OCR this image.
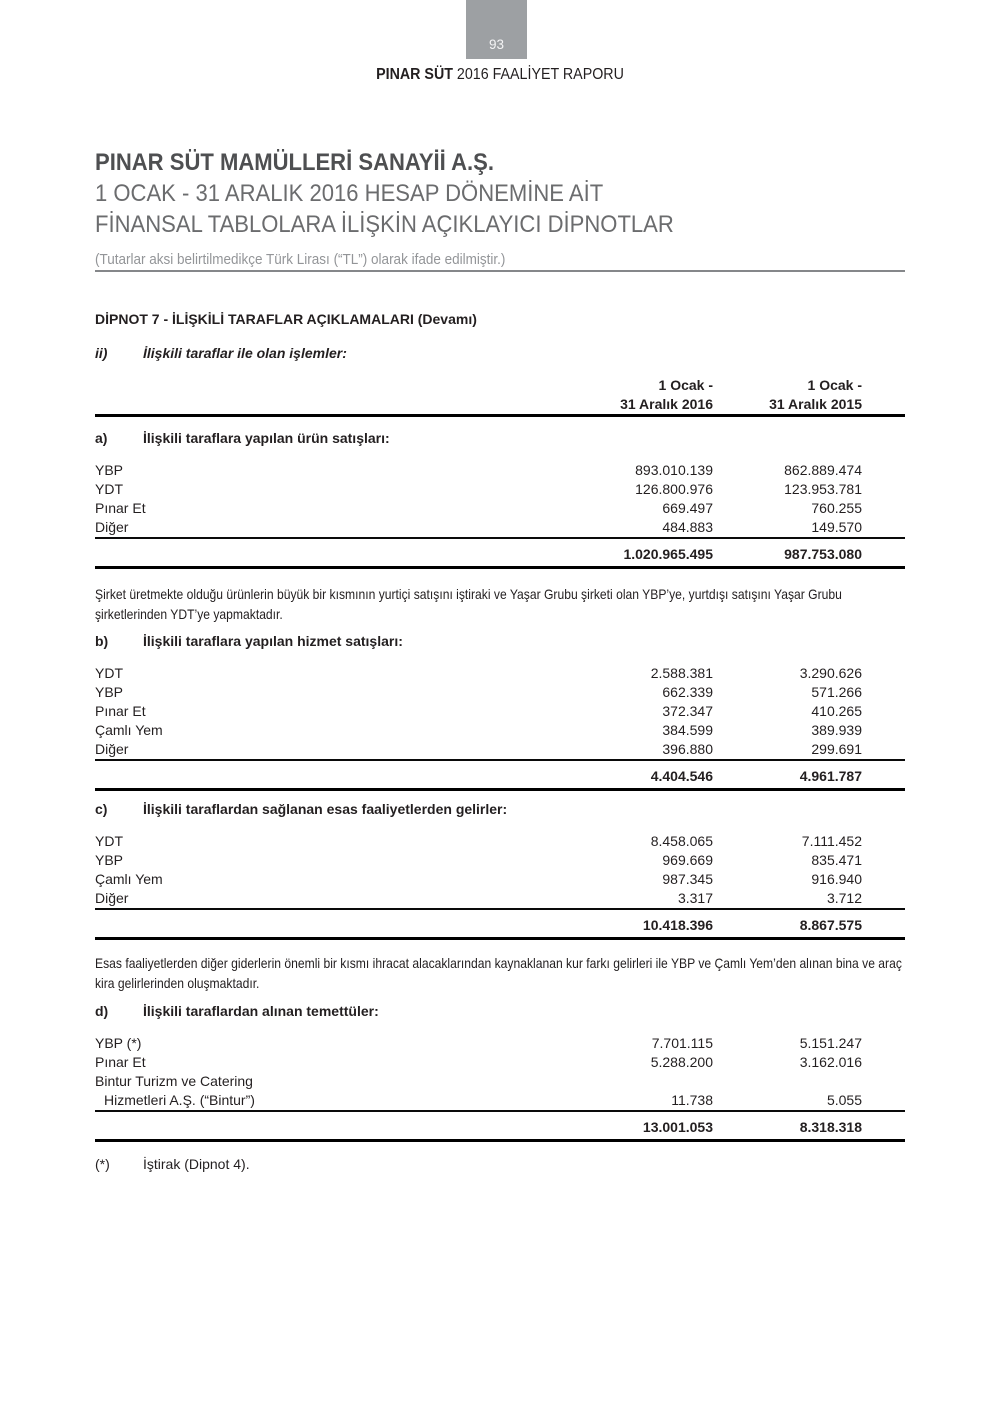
93
PINAR SÜT 2016 FAALİYET RAPORU
PINAR SÜT MAMÜLLERİ SANAYİİ A.Ş.
1 OCAK - 31 ARALIK 2016 HESAP DÖNEMİNE AİT
FİNANSAL TABLOLARA İLİŞKİN AÇIKLAYICI DİPNOTLAR
(Tutarlar aksi belirtilmedikçe Türk Lirası (“TL”) olarak ifade edilmiştir.)
DİPNOT 7 - İLİŞKİLİ TARAFLAR AÇIKLAMALARI (Devamı)
ii)	İlişkili taraflar ile olan işlemler:
1 Ocak -
31 Aralık 2016
1 Ocak -
31 Aralık 2015
a)	İlişkili taraflara yapılan ürün satışları:
YBP	893.010.139	862.889.474
YDT	126.800.976	123.953.781
Pınar Et	669.497	760.255
Diğer	484.883	149.570
1.020.965.495	987.753.080
Şirket üretmekte olduğu ürünlerin büyük bir kısmının yurtiçi satışını iştiraki ve Yaşar Grubu şirketi olan YBP’ye, yurtdışı satışını Yaşar Grubu şirketlerinden YDT’ye yapmaktadır.
b)	İlişkili taraflara yapılan hizmet satışları:
YDT	2.588.381	3.290.626
YBP	662.339	571.266
Pınar Et	372.347	410.265
Çamlı Yem	384.599	389.939
Diğer	396.880	299.691
4.404.546	4.961.787
c)	İlişkili taraflardan sağlanan esas faaliyetlerden gelirler:
YDT	8.458.065	7.111.452
YBP	969.669	835.471
Çamlı Yem	987.345	916.940
Diğer	3.317	3.712
10.418.396	8.867.575
Esas faaliyetlerden diğer giderlerin önemli bir kısmı ihracat alacaklarından kaynaklanan kur farkı gelirleri ile YBP ve Çamlı Yem’den alınan bina ve araç kira gelirlerinden oluşmaktadır.
d)	İlişkili taraflardan alınan temettüler:
YBP (*)	7.701.115	5.151.247
Pınar Et	5.288.200	3.162.016
Bintur Turizm ve Catering
Hizmetleri A.Ş. (“Bintur”)	11.738	5.055
13.001.053	8.318.318
(*)	İştirak (Dipnot 4).
